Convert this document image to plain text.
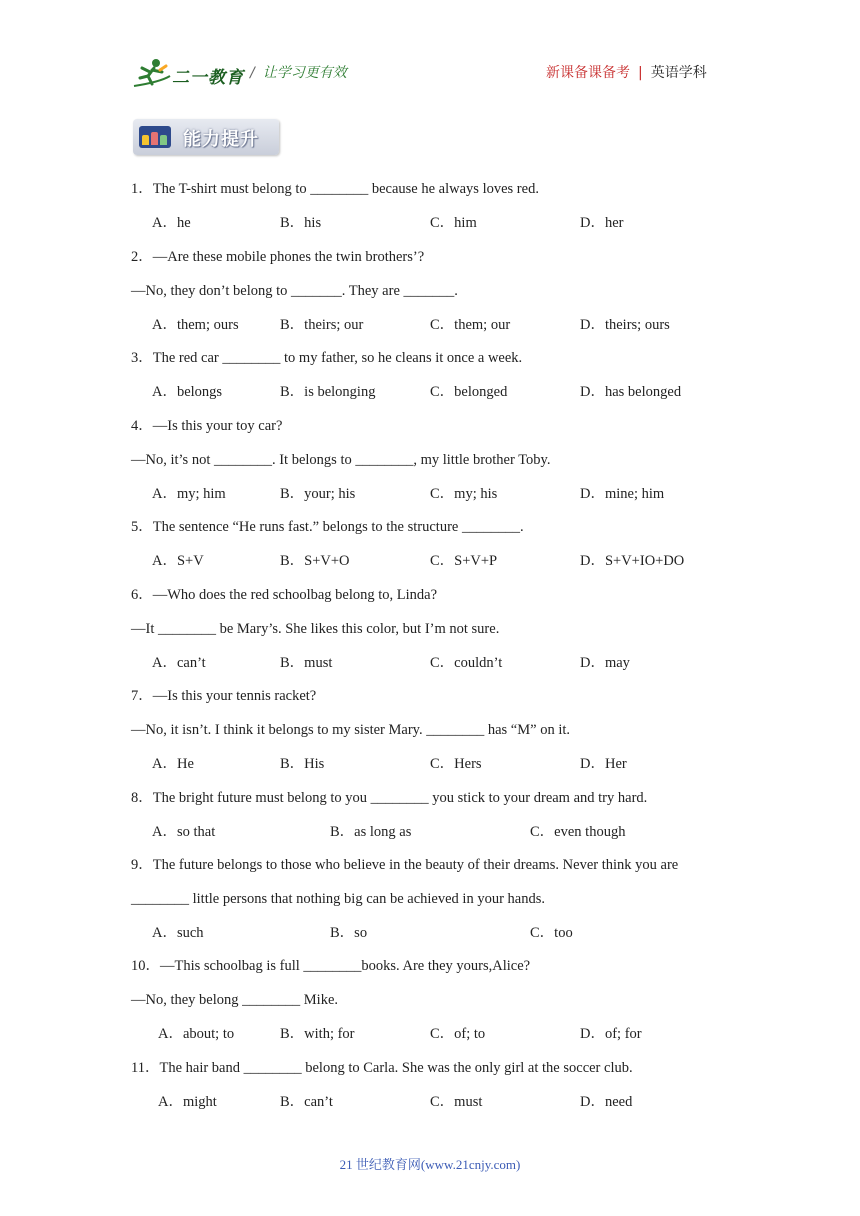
二一教育 / 让学习更有效	新课备课备考 | 英语学科
能力提升
1．The T-shirt must belong to ________ because he always loves red.
A．he	B．his	C．him	D．her
2．—Are these mobile phones the twin brothers’?
—No, they don’t belong to _______. They are _______.
A．them; ours	B．theirs; our	C．them; our	D．theirs; ours
3．The red car ________ to my father, so he cleans it once a week.
A．belongs	B．is belonging	C．belonged	D．has belonged
4．—Is this your toy car?
—No, it’s not ________. It belongs to ________, my little brother Toby.
A．my; him	B．your; his	C．my; his	D．mine; him
5．The sentence “He runs fast.” belongs to the structure ________.
A．S+V	B．S+V+O	C．S+V+P	D．S+V+IO+DO
6．—Who does the red schoolbag belong to, Linda?
—It ________ be Mary’s. She likes this color, but I’m not sure.
A．can’t	B．must	C．couldn’t	D．may
7．—Is this your tennis racket?
—No, it isn’t. I think it belongs to my sister Mary. ________ has “M” on it.
A．He	B．His	C．Hers	D．Her
8．The bright future must belong to you ________ you stick to your dream and try hard.
A．so that	B．as long as	C．even though
9．The future belongs to those who believe in the beauty of their dreams. Never think you are
________ little persons that nothing big can be achieved in your hands.
A．such	B．so	C．too
10．—This schoolbag is full ________books. Are they yours,Alice?
—No, they belong ________ Mike.
A．about; to	B．with; for	C．of; to	D．of; for
11．The hair band ________ belong to Carla. She was the only girl at the soccer club.
A．might	B．can’t	C．must	D．need
21 世纪教育网(www.21cnjy.com)
